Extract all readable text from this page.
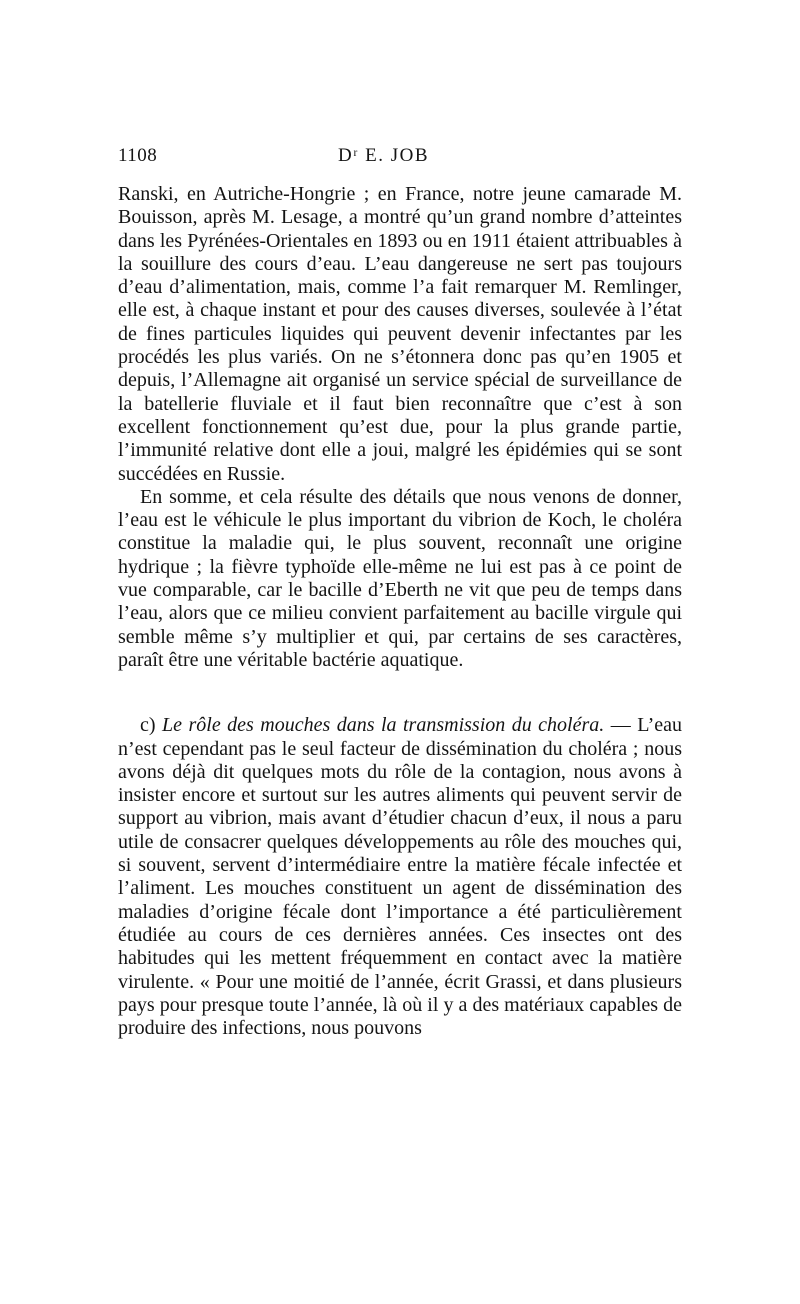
1108	Dʳ E. JOB

Ranski, en Autriche-Hongrie ; en France, notre jeune camarade M. Bouisson, après M. Lesage, a montré qu’un grand nombre d’atteintes dans les Pyrénées-Orientales en 1893 ou en 1911 étaient attribuables à la souillure des cours d’eau. L’eau dangereuse ne sert pas toujours d’eau d’alimentation, mais, comme l’a fait remarquer M. Remlinger, elle est, à chaque instant et pour des causes diverses, soulevée à l’état de fines particules liquides qui peuvent devenir infectantes par les procédés les plus variés. On ne s’étonnera donc pas qu’en 1905 et depuis, l’Allemagne ait organisé un service spécial de surveillance de la batellerie fluviale et il faut bien reconnaître que c’est à son excellent fonctionnement qu’est due, pour la plus grande partie, l’immunité relative dont elle a joui, malgré les épidémies qui se sont succédées en Russie.

En somme, et cela résulte des détails que nous venons de donner, l’eau est le véhicule le plus important du vibrion de Koch, le choléra constitue la maladie qui, le plus souvent, reconnaît une origine hydrique ; la fièvre typhoïde elle-même ne lui est pas à ce point de vue comparable, car le bacille d’Eberth ne vit que peu de temps dans l’eau, alors que ce milieu convient parfaitement au bacille virgule qui semble même s’y multiplier et qui, par certains de ses caractères, paraît être une véritable bactérie aquatique.

c) Le rôle des mouches dans la transmission du choléra. — L’eau n’est cependant pas le seul facteur de dissémination du choléra ; nous avons déjà dit quelques mots du rôle de la contagion, nous avons à insister encore et surtout sur les autres aliments qui peuvent servir de support au vibrion, mais avant d’étudier chacun d’eux, il nous a paru utile de consacrer quelques développements au rôle des mouches qui, si souvent, servent d’intermédiaire entre la matière fécale infectée et l’aliment. Les mouches constituent un agent de dissémination des maladies d’origine fécale dont l’importance a été particulièrement étudiée au cours de ces dernières années. Ces insectes ont des habitudes qui les mettent fréquemment en contact avec la matière virulente. « Pour une moitié de l’année, écrit Grassi, et dans plusieurs pays pour presque toute l’année, là où il y a des matériaux capables de produire des infections, nous pouvons
